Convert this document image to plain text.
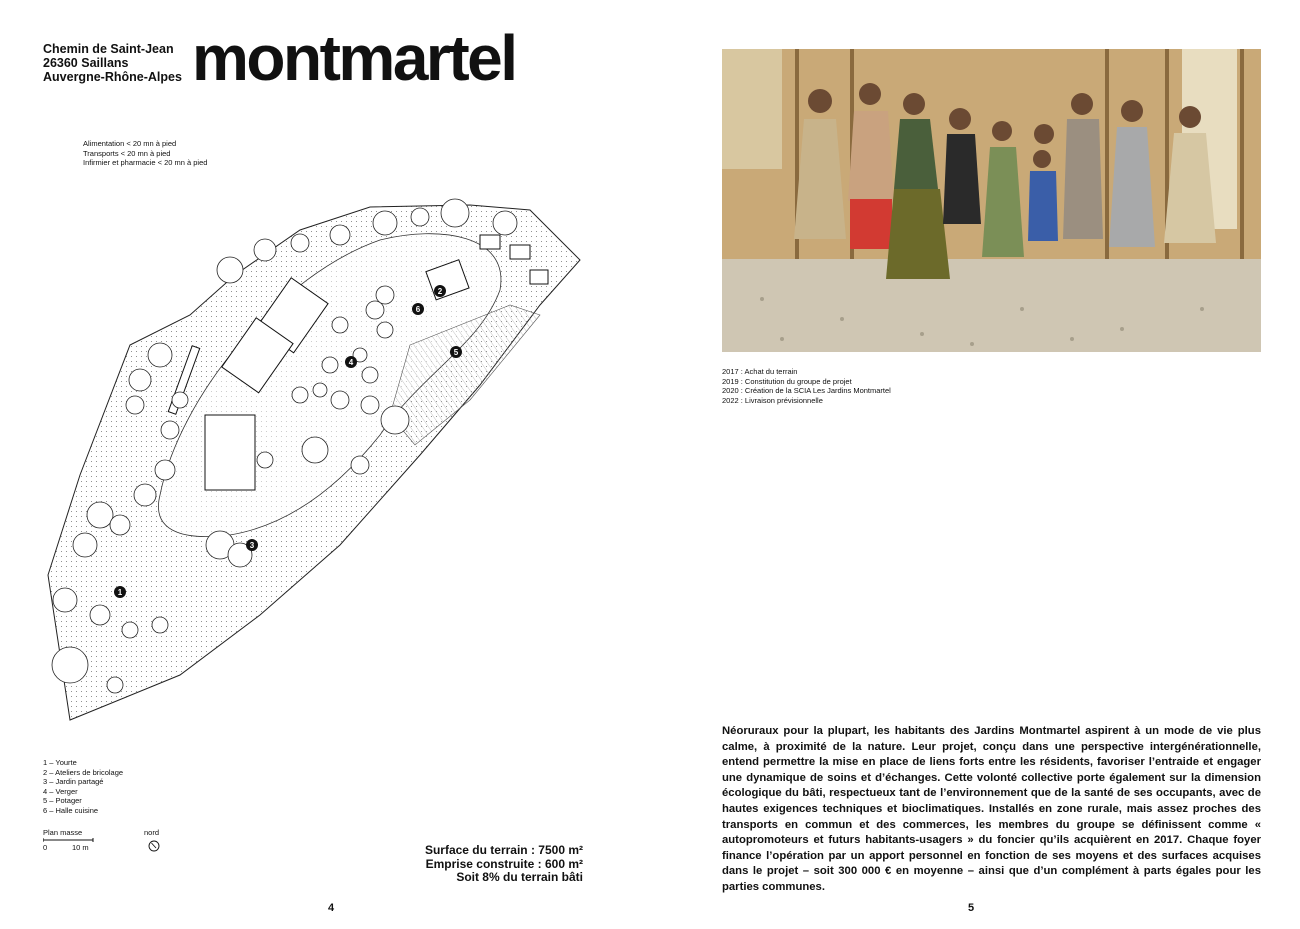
Chemin de Saint-Jean
26360 Saillans
Auvergne-Rhône-Alpes montmartel
Alimentation < 20 mn à pied
Transports < 20 mn à pied
Infirmier et pharmacie < 20 mn à pied
1
2
3
4
5
6
1 – Yourte
2 – Ateliers de bricolage
3 – Jardin partagé
4 – Verger
5 – Potager
6 – Halle cuisine
Plan masse	nord
0	10 m	Surface du terrain : 7500 m²
Emprise construite : 600 m²
Soit 8% du terrain bâti
4
2017 : Achat du terrain
2019 : Constitution du groupe de projet
2020 : Création de la SCIA Les Jardins Montmartel
2022 : Livraison prévisionnelle
Néoruraux pour la plupart, les habitants des Jardins Montmartel aspirent à un mode de vie plus calme, à proximité de la nature. Leur projet, conçu dans une perspective intergénérationnelle, entend permettre la mise en place de liens forts entre les résidents, favoriser l’entraide et engager une dynamique de soins et d’échanges. Cette volonté collective porte également sur la dimension écologique du bâti, respectueux tant de l’environnement que de la santé de ses occupants, avec de hautes exigences techniques et bioclimatiques. Installés en zone rurale, mais assez proches des transports en commun et des commerces, les membres du groupe se définissent comme « autopromoteurs et futurs habitants-usagers » du foncier qu’ils acquièrent en 2017. Chaque foyer finance l’opération par un apport personnel en fonction de ses moyens et des surfaces acquises dans le projet – soit 300 000 € en moyenne – ainsi que d’un complément à parts égales pour les parties communes.
5
